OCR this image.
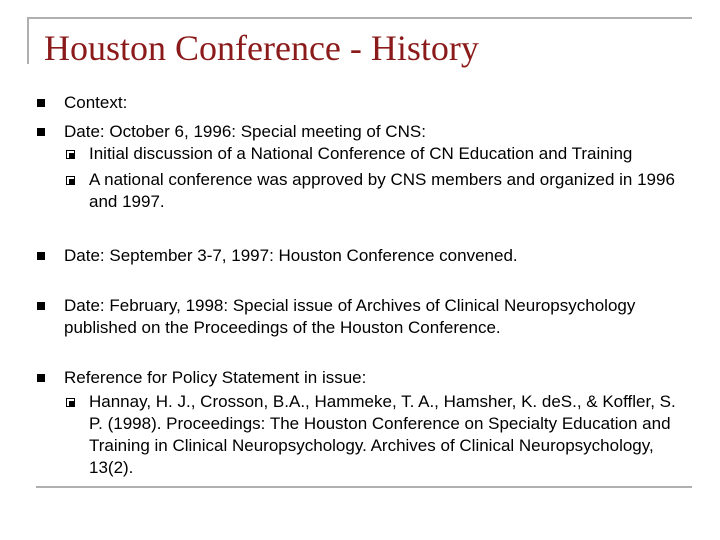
Houston Conference - History
Context:
Date: October 6, 1996: Special meeting of CNS:
Initial discussion of a National Conference of CN Education and Training
A national conference was approved by CNS members and organized in 1996 and 1997.
Date: September 3-7, 1997: Houston Conference convened.
Date: February, 1998: Special issue of Archives of Clinical Neuropsychology published on the Proceedings of the Houston Conference.
Reference for Policy Statement in issue:
Hannay, H. J., Crosson, B.A., Hammeke, T. A., Hamsher, K. deS., & Koffler, S. P. (1998). Proceedings: The Houston Conference on Specialty Education and Training in Clinical Neuropsychology. Archives of Clinical Neuropsychology, 13(2).
